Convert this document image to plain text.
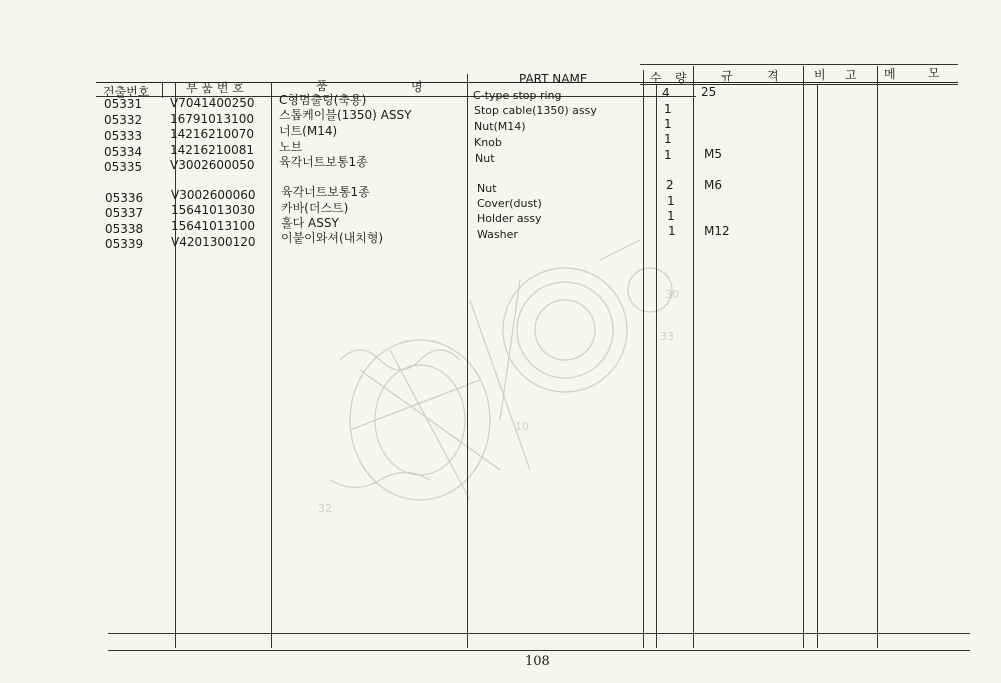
10
32
30
33
건출번호	부 품 번 호	품	명
PART NAME	수 량	규	격	비 고 메	모
05331 V7041400250 C형멈출링(축용)	C-type stop ring	4	25
05332 16791013100 스톱케이블(1350) ASSY	Stop cable(1350) assy	1
05333 14216210070 너트(M14)	Nut(M14)	1
05334 14216210081 노브	Knob	1
05335 V3002600050 육각너트보통1종	Nut	1	M5
05336 V3002600060 육각너트보통1종	Nut	2	M6
05337 15641013030 카바(더스트)	Cover(dust)	1
05338 15641013100 홀다 ASSY	Holder assy	1
05339 V4201300120 이붙이와셔(내치형)	Washer	1 M12
108
